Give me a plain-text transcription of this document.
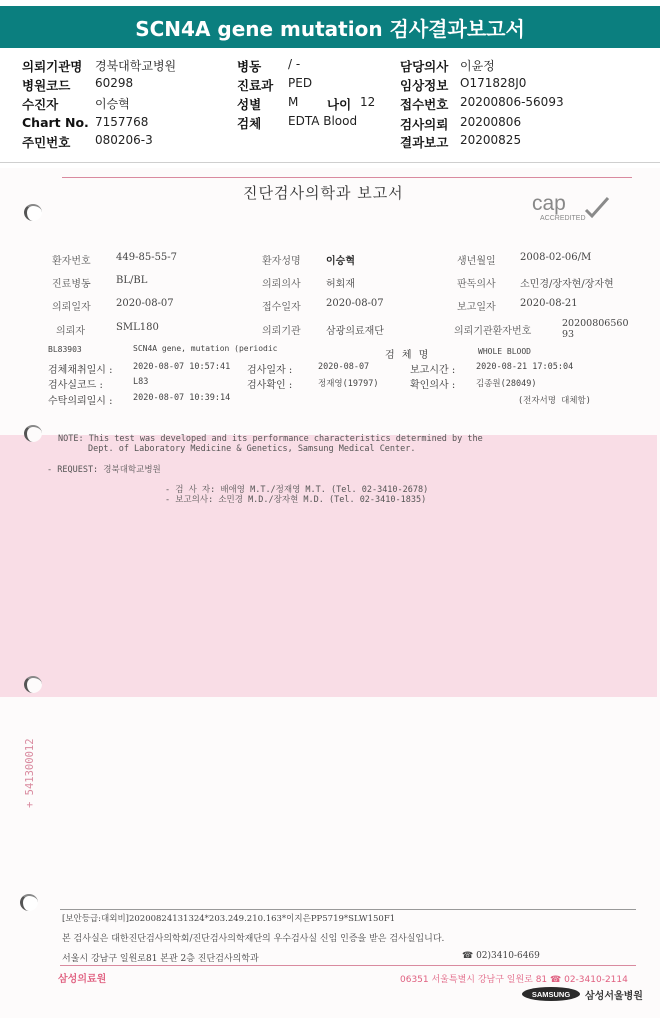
SCN4A gene mutation 검사결과보고서
의뢰기관명 경북대학교병원
병원코드 60298
수진자	이승혁
Chart No. 7157768
주민번호 080206-3
병동 / -
진료과 PED
성별 M 나이 12
검체 EDTA Blood
담당의사 이윤정
임상정보 O171828J0
접수번호 20200806-56093
검사의뢰 20200806
결과보고 20200825
진단검사의학과 보고서	cap
ACCREDITED
환자번호	449-85-55-7	환자성명	이승혁	생년월일 2008-02-06/M
진료병동	BL/BL	의뢰의사	허회재	판독의사 소민경/장자현/장자현
의뢰일자	2020-08-07	접수일자	2020-08-07	보고일자 2020-08-21
의뢰자	SML180	의뢰기관	삼광의료재단	의뢰기관환자번호
2020080656093
BL83903	SCN4A gene, mutation (periodic
검 체 명	WHOLE BLOOD
검체채취일시 : 2020-08-07 10:57:41 검사일자 :	2020-08-07	보고시간 : 2020-08-21 17:05:04
검사실코드 :	L83	검사확인 :	정재영(19797)	확인의사 : 김종원(28049)
수탁의뢰일시 : 2020-08-07 10:39:14	(전자서명 대체함)
NOTE: This test was developed and its performance characteristics determined by the
Dept. of Laboratory Medicine & Genetics, Samsung Medical Center.
- REQUEST: 경북대학교병원
- 검 사 자: 배애영 M.T./정재영 M.T. (Tel. 02-3410-2678)
- 보고의사: 소민경 M.D./장자현 M.D. (Tel. 02-3410-1835)
+ 541300012
[보안등급:대외비]20200824131324*203.249.210.163*이지은PP5719*SLW150F1
본 검사실은 대한진단검사의학회/진단검사의학재단의 우수검사실 신임 인증을 받은 검사실입니다.
서울시 강남구 일원로81 본관 2층 진단검사의학과	☎ 02)3410-6469
삼성의료원	06351 서울특별시 강남구 일원로 81 ☎ 02-3410-2114
SAMSUNG 삼성서울병원
